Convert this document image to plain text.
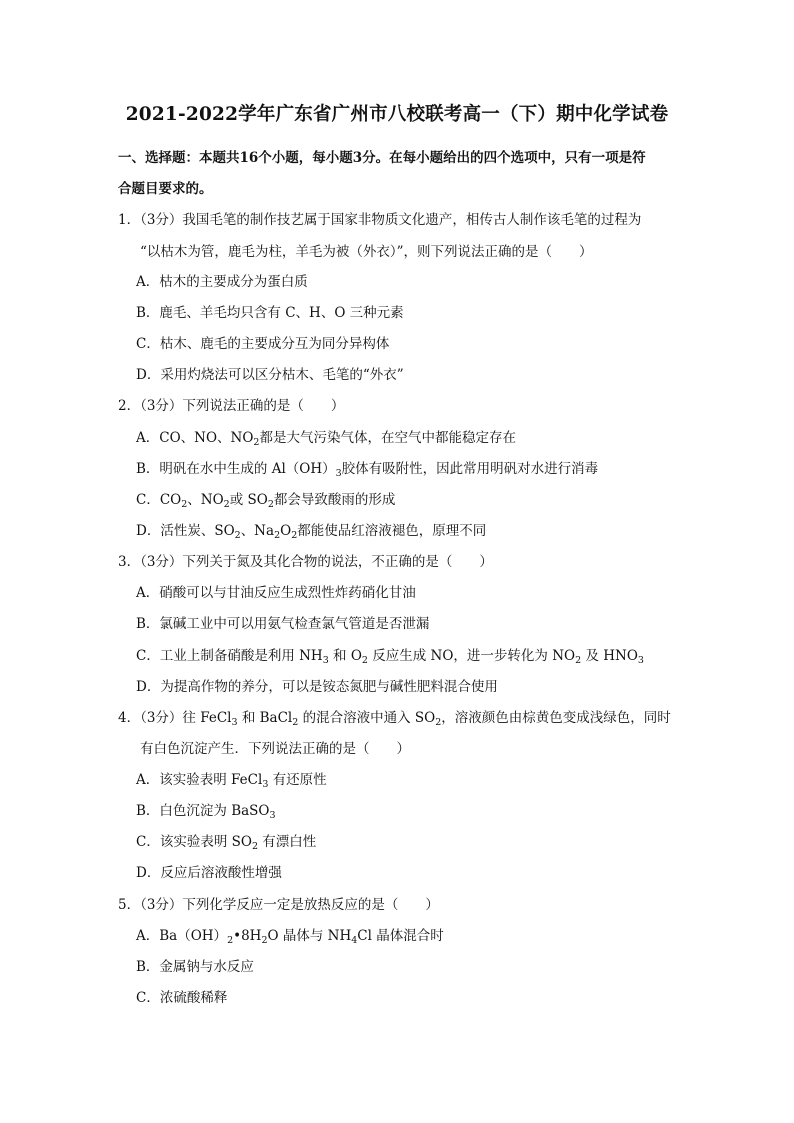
2021-2022学年广东省广州市八校联考高一（下）期中化学试卷
一、选择题：本题共16个小题，每小题3分。在每小题给出的四个选项中，只有一项是符
合题目要求的。
1．（3分）我国毛笔的制作技艺属于国家非物质文化遗产，相传古人制作该毛笔的过程为
“以枯木为管，鹿毛为柱，羊毛为被（外衣）”，则下列说法正确的是（　　）
A．枯木的主要成分为蛋白质
B．鹿毛、羊毛均只含有 C、H、O 三种元素
C．枯木、鹿毛的主要成分互为同分异构体
D．采用灼烧法可以区分枯木、毛笔的“外衣”
2．（3分）下列说法正确的是（　　）
A．CO、NO、$NO_2$都是大气污染气体，在空气中都能稳定存在
B．明矾在水中生成的 $Al(OH)_3$胶体有吸附性，因此常用明矾对水进行消毒
C．$CO_2$、$NO_2$或 $SO_2$都会导致酸雨的形成
D．活性炭、$SO_2$、$Na_2O_2$都能使品红溶液褪色，原理不同
3．（3分）下列关于氮及其化合物的说法，不正确的是（　　）
A．硝酸可以与甘油反应生成烈性炸药硝化甘油
B．氯碱工业中可以用氨气检查氯气管道是否泄漏
C．工业上制备硝酸是利用 $NH_3$ 和 $O_2$ 反应生成 NO，进一步转化为 $NO_2$ 及 $HNO_3$
D．为提高作物的养分，可以是铵态氮肥与碱性肥料混合使用
4．（3分）往 FeCl$_3$ 和 BaCl$_2$ 的混合溶液中通入 $SO_2$，溶液颜色由棕黄色变成浅绿色，同时
有白色沉淀产生．下列说法正确的是（　　）
A．该实验表明 FeCl$_3$ 有还原性
B．白色沉淀为 BaSO$_3$
C．该实验表明 $SO_2$ 有漂白性
D．反应后溶液酸性增强
5．（3分）下列化学反应一定是放热反应的是（　　）
A．$Ba(OH)_2•8H_2O$ 晶体与 $NH_4Cl$ 晶体混合时
B．金属钠与水反应
C．浓硫酸稀释
